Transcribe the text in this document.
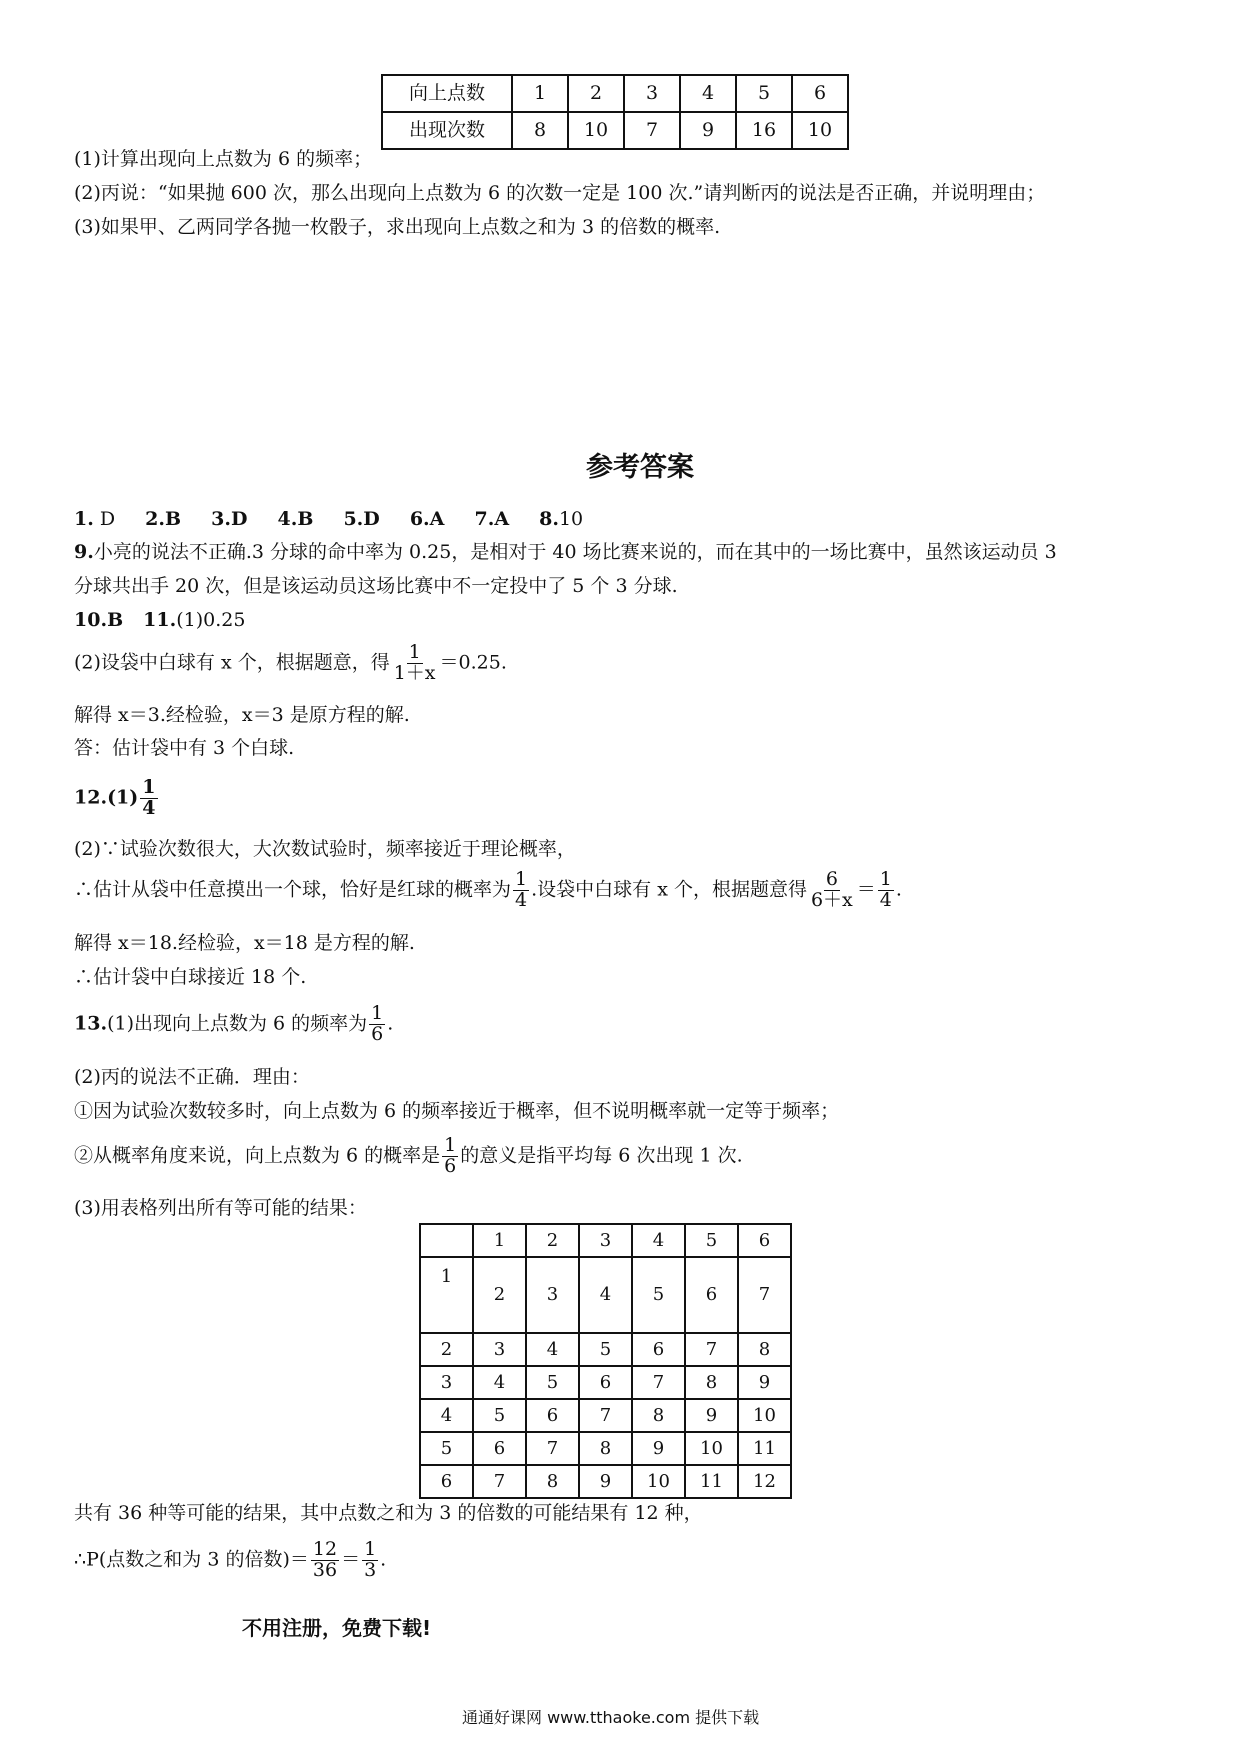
向上点数	1	2	3	4	5	6
出现次数	8	10	7	9	16	10
(1)计算出现向上点数为 6 的频率；
(2)丙说：“如果抛 600 次，那么出现向上点数为 6 的次数一定是 100 次.”请判断丙的说法是否正确，并说明理由；
(3)如果甲、乙两同学各抛一枚骰子，求出现向上点数之和为 3 的倍数的概率.
参考答案
1. D 2.B 3.D 4.B 5.D 6.A 7.A 8.10
9.小亮的说法不正确.3 分球的命中率为 0.25，是相对于 40 场比赛来说的，而在其中的一场比赛中，虽然该运动员 3
分球共出手 20 次，但是该运动员这场比赛中不一定投中了 5 个 3 分球.
10.B 11.(1)0.25
(2)设袋中白球有 x 个，根据题意，得 $\frac{1}{1+x} =0.25$.
解得 x＝3.经检验，x＝3 是原方程的解.
答：估计袋中有 3 个白球.
$12.(1) \frac{1}{4}$
(2)∵试验次数很大，大次数试验时，频率接近于理论概率，
∴估计从袋中任意摸出一个球，恰好是红球的概率为 $\frac{1}{4}$ .设袋中白球有 x 个，根据题意得 $\frac{6}{6+x} = \frac{1}{4}$ .
解得 x＝18.经检验，x＝18 是方程的解.
∴估计袋中白球接近 18 个.
13.(1)出现向上点数为 6 的频率为 $\frac{1}{6}$ .
(2)丙的说法不正确．理由：
①因为试验次数较多时，向上点数为 6 的频率接近于概率，但不说明概率就一定等于频率；
②从概率角度来说，向上点数为 6 的概率是 $\frac{1}{6}$ 的意义是指平均每 6 次出现 1 次.
(3)用表格列出所有等可能的结果：
	1	2	3	4	5	6
1	2	3	4	5	6	7
2	3	4	5	6	7	8
3	4	5	6	7	8	9
4	5	6	7	8	9	10
5	6	7	8	9	10	11
6	7	8	9	10	11	12
共有 36 种等可能的结果，其中点数之和为 3 的倍数的可能结果有 12 种，
∴P(点数之和为 3 的倍数)＝ $\frac{12}{36} = \frac{1}{3}$ .
不用注册，免费下载!
通通好课网 www.tthaoke.com 提供下载
